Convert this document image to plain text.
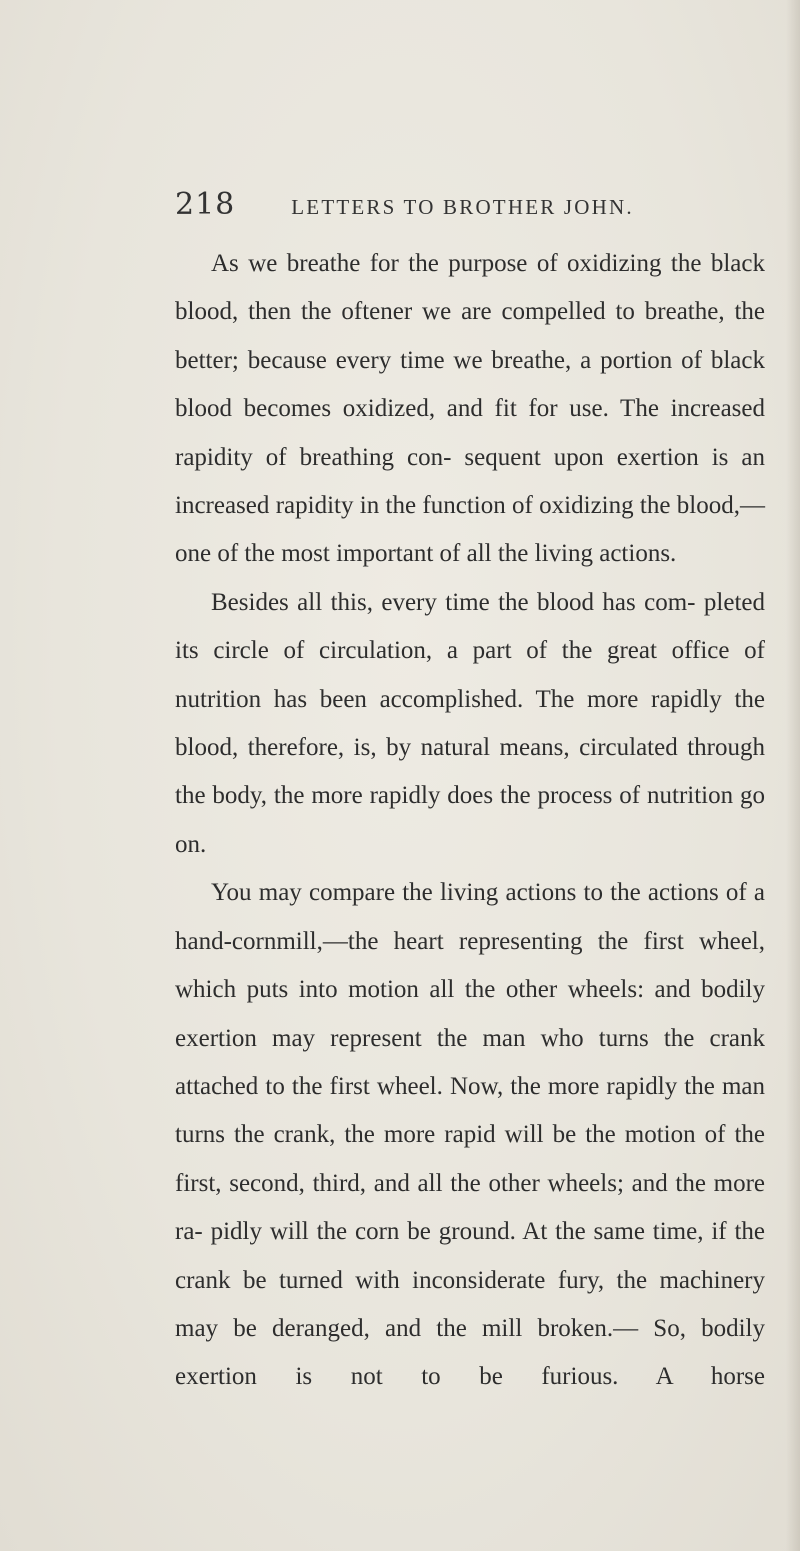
218	LETTERS TO BROTHER JOHN.

As we breathe for the purpose of oxidizing the black blood, then the oftener we are compelled to breathe, the better; because every time we breathe, a portion of black blood becomes oxidized, and fit for use. The increased rapidity of breathing con- sequent upon exertion is an increased rapidity in the function of oxidizing the blood,—one of the most important of all the living actions.

Besides all this, every time the blood has com- pleted its circle of circulation, a part of the great office of nutrition has been accomplished. The more rapidly the blood, therefore, is, by natural means, circulated through the body, the more rapidly does the process of nutrition go on.

You may compare the living actions to the actions of a hand-cornmill,—the heart representing the first wheel, which puts into motion all the other wheels: and bodily exertion may represent the man who turns the crank attached to the first wheel. Now, the more rapidly the man turns the crank, the more rapid will be the motion of the first, second, third, and all the other wheels; and the more ra- pidly will the corn be ground. At the same time, if the crank be turned with inconsiderate fury, the machinery may be deranged, and the mill broken.— So, bodily exertion is not to be furious. A horse
